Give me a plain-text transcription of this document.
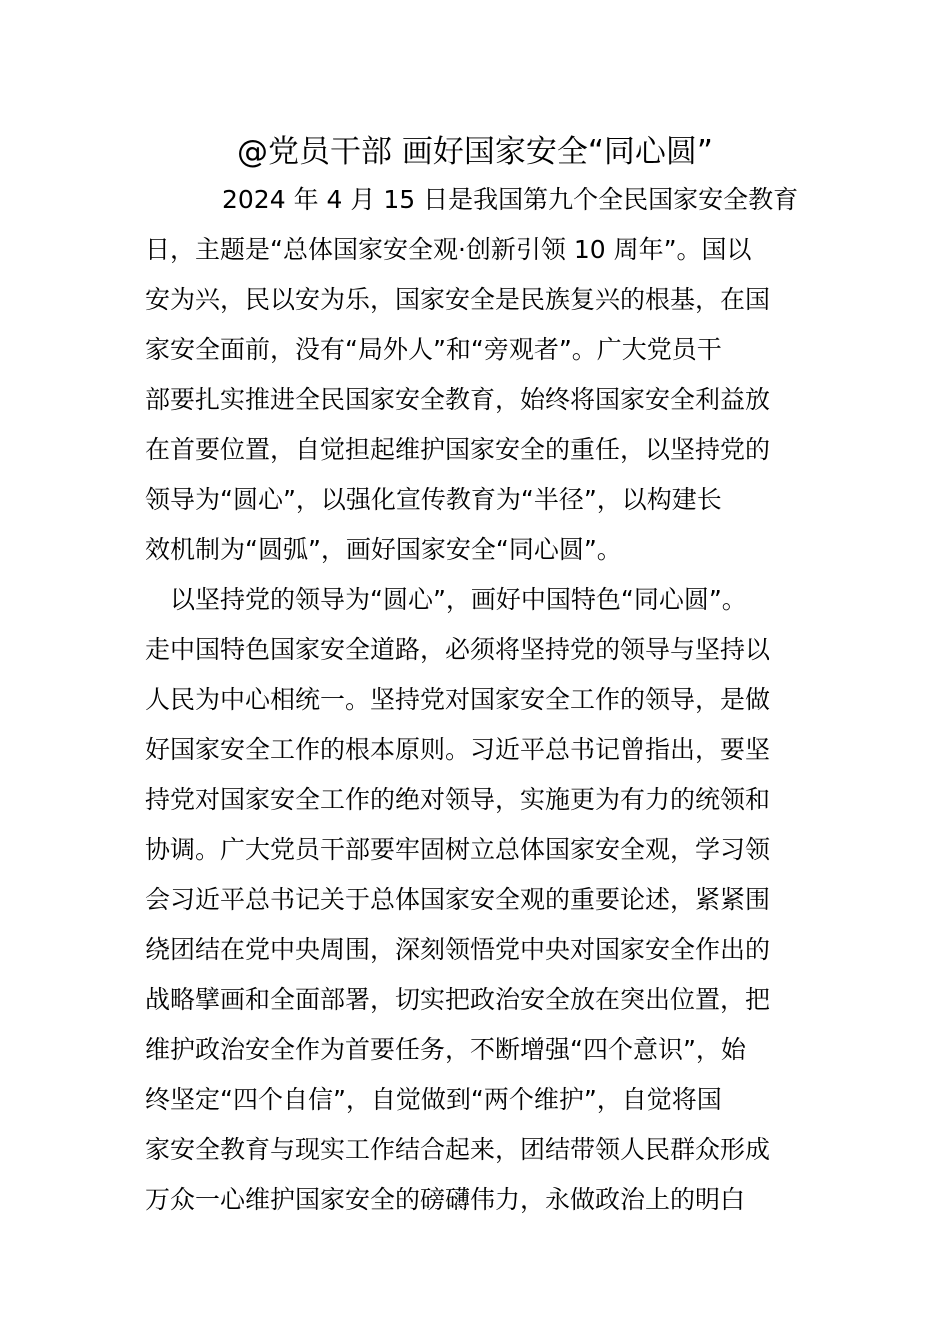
@党员干部 画好国家安全“同心圆”
2024 年 4 月 15 日是我国第九个全民国家安全教育
日，主题是“总体国家安全观·创新引领 10 周年”。国以
安为兴，民以安为乐，国家安全是民族复兴的根基，在国
家安全面前，没有“局外人”和“旁观者”。广大党员干
部要扎实推进全民国家安全教育，始终将国家安全利益放
在首要位置，自觉担起维护国家安全的重任，以坚持党的
领导为“圆心”，以强化宣传教育为“半径”，以构建长
效机制为“圆弧”，画好国家安全“同心圆”。
以坚持党的领导为“圆心”，画好中国特色“同心圆”。
走中国特色国家安全道路，必须将坚持党的领导与坚持以
人民为中心相统一。坚持党对国家安全工作的领导，是做
好国家安全工作的根本原则。习近平总书记曾指出，要坚
持党对国家安全工作的绝对领导，实施更为有力的统领和
协调。广大党员干部要牢固树立总体国家安全观，学习领
会习近平总书记关于总体国家安全观的重要论述，紧紧围
绕团结在党中央周围，深刻领悟党中央对国家安全作出的
战略擘画和全面部署，切实把政治安全放在突出位置，把
维护政治安全作为首要任务，不断增强“四个意识”，始
终坚定“四个自信”，自觉做到“两个维护”，自觉将国
家安全教育与现实工作结合起来，团结带领人民群众形成
万众一心维护国家安全的磅礴伟力，永做政治上的明白
